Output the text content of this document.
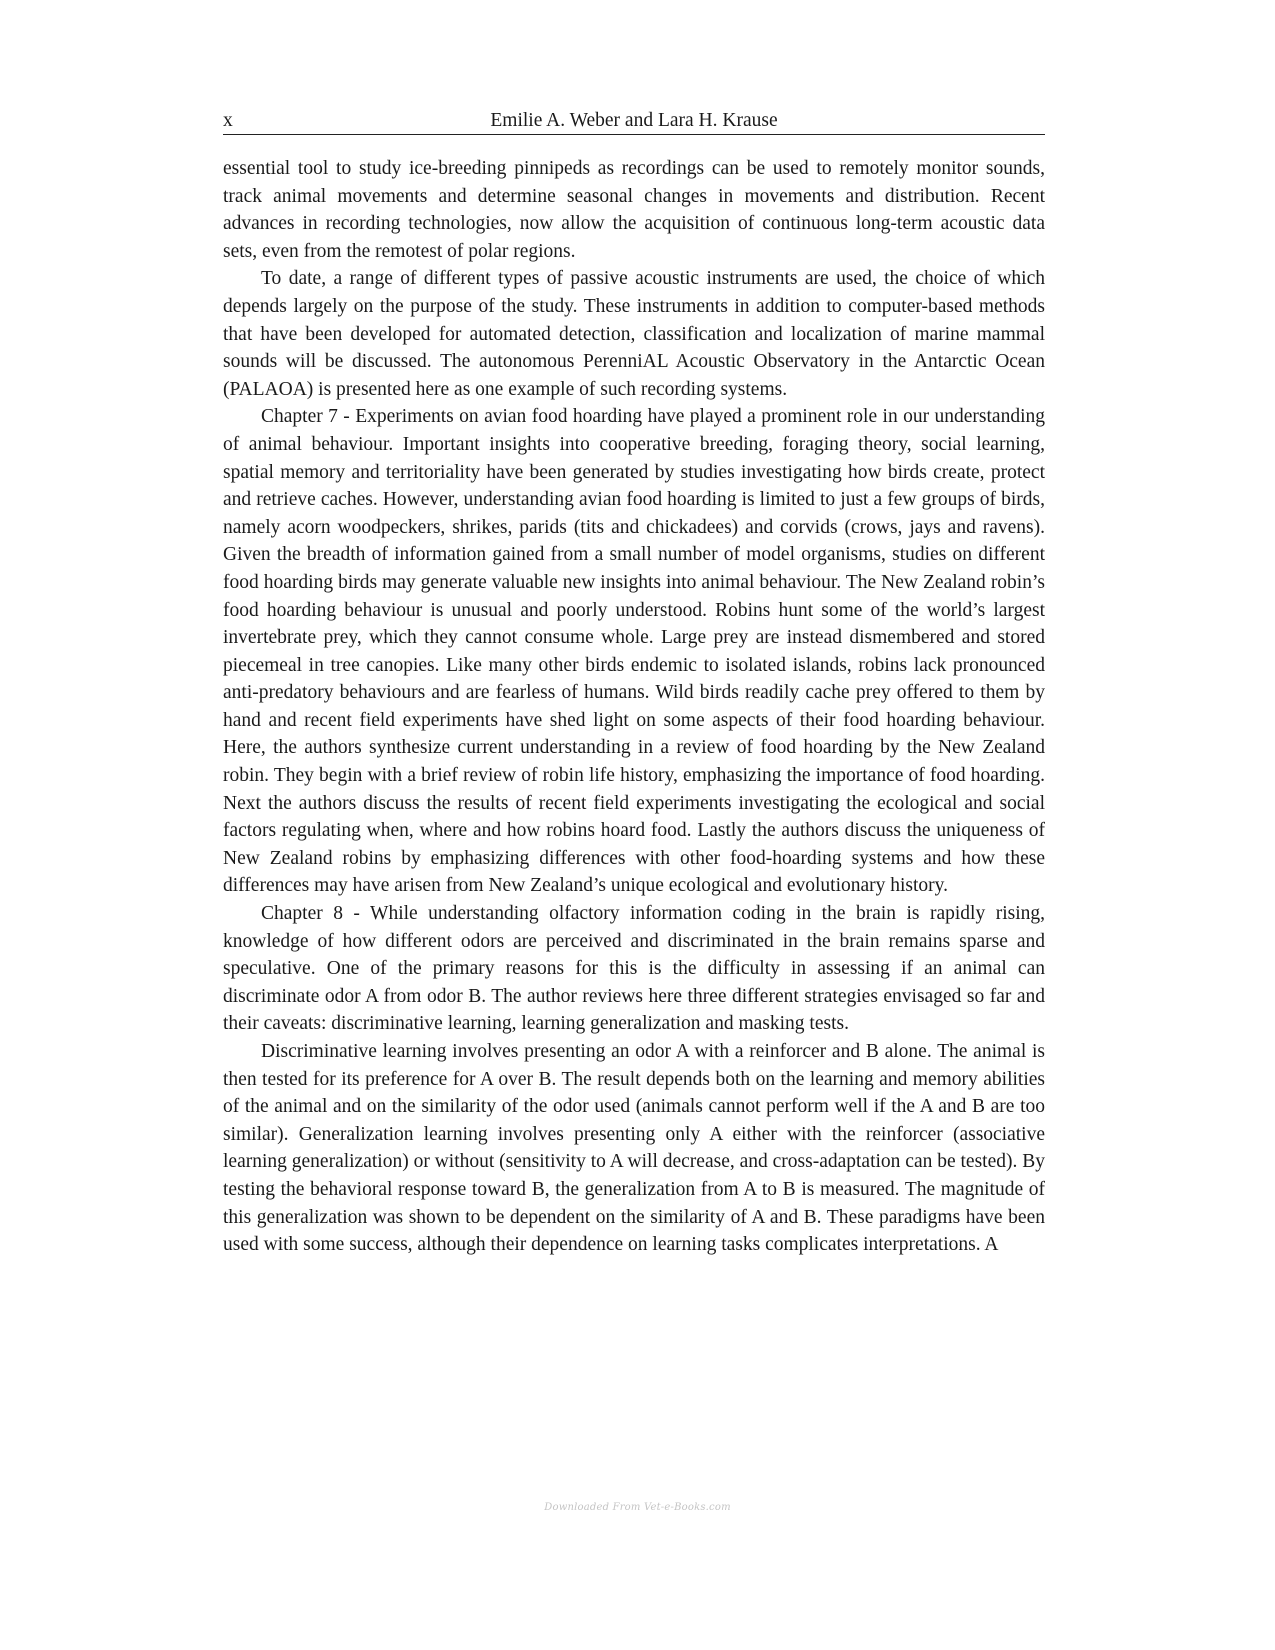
x	Emilie A. Weber and Lara H. Krause

essential tool to study ice-breeding pinnipeds as recordings can be used to remotely monitor sounds, track animal movements and determine seasonal changes in movements and distribution. Recent advances in recording technologies, now allow the acquisition of continuous long-term acoustic data sets, even from the remotest of polar regions.

To date, a range of different types of passive acoustic instruments are used, the choice of which depends largely on the purpose of the study. These instruments in addition to computer-based methods that have been developed for automated detection, classification and localization of marine mammal sounds will be discussed. The autonomous PerenniAL Acoustic Observatory in the Antarctic Ocean (PALAOA) is presented here as one example of such recording systems.

Chapter 7 - Experiments on avian food hoarding have played a prominent role in our understanding of animal behaviour. Important insights into cooperative breeding, foraging theory, social learning, spatial memory and territoriality have been generated by studies investigating how birds create, protect and retrieve caches. However, understanding avian food hoarding is limited to just a few groups of birds, namely acorn woodpeckers, shrikes, parids (tits and chickadees) and corvids (crows, jays and ravens). Given the breadth of information gained from a small number of model organisms, studies on different food hoarding birds may generate valuable new insights into animal behaviour. The New Zealand robin’s food hoarding behaviour is unusual and poorly understood. Robins hunt some of the world’s largest invertebrate prey, which they cannot consume whole. Large prey are instead dismembered and stored piecemeal in tree canopies. Like many other birds endemic to isolated islands, robins lack pronounced anti-predatory behaviours and are fearless of humans. Wild birds readily cache prey offered to them by hand and recent field experiments have shed light on some aspects of their food hoarding behaviour. Here, the authors synthesize current understanding in a review of food hoarding by the New Zealand robin. They begin with a brief review of robin life history, emphasizing the importance of food hoarding. Next the authors discuss the results of recent field experiments investigating the ecological and social factors regulating when, where and how robins hoard food. Lastly the authors discuss the uniqueness of New Zealand robins by emphasizing differences with other food-hoarding systems and how these differences may have arisen from New Zealand’s unique ecological and evolutionary history.

Chapter 8 - While understanding olfactory information coding in the brain is rapidly rising, knowledge of how different odors are perceived and discriminated in the brain remains sparse and speculative. One of the primary reasons for this is the difficulty in assessing if an animal can discriminate odor A from odor B. The author reviews here three different strategies envisaged so far and their caveats: discriminative learning, learning generalization and masking tests.

Discriminative learning involves presenting an odor A with a reinforcer and B alone. The animal is then tested for its preference for A over B. The result depends both on the learning and memory abilities of the animal and on the similarity of the odor used (animals cannot perform well if the A and B are too similar). Generalization learning involves presenting only A either with the reinforcer (associative learning generalization) or without (sensitivity to A will decrease, and cross-adaptation can be tested). By testing the behavioral response toward B, the generalization from A to B is measured. The magnitude of this generalization was shown to be dependent on the similarity of A and B. These paradigms have been used with some success, although their dependence on learning tasks complicates interpretations. A

Downloaded From Vet-e-Books.com
